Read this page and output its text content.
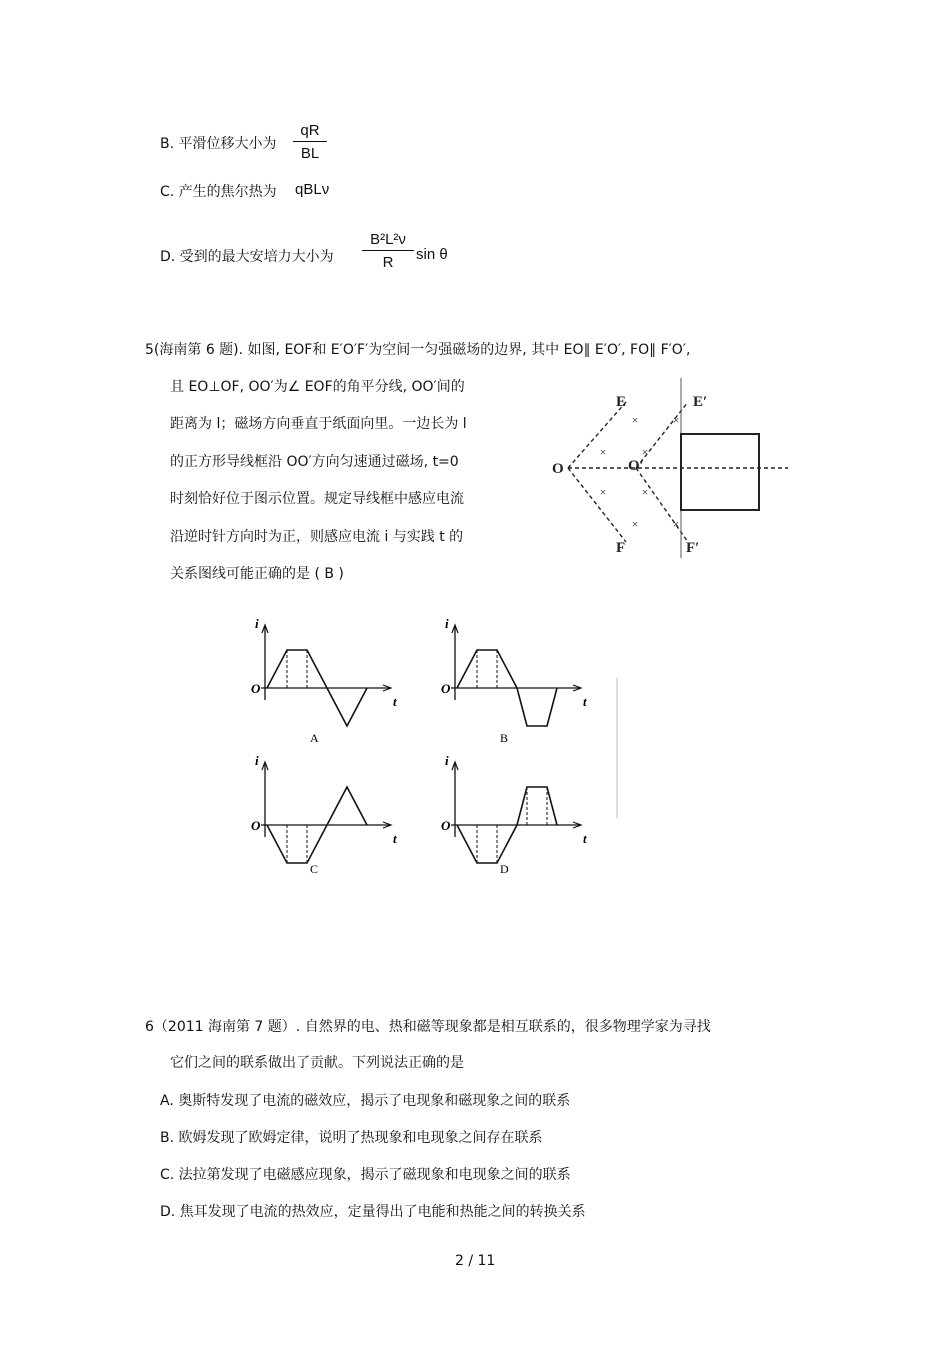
B. 平滑位移大小为
qR
BL
C. 产生的焦尔热为 qBLν
D. 受到的最大安培力大小为
B²L²ν
R	sin θ
5(海南第 6 题). 如图, EOF和 E′O′F′为空间一匀强磁场的边界, 其中 EO∥ E′O′, FO∥ F′O′,
且 EO⊥OF, OO′为∠ EOF的角平分线, OO′间的
距离为 l；磁场方向垂直于纸面向里。一边长为 l
的正方形导线框沿 OO′方向匀速通过磁场, t=0
时刻恰好位于图示位置。规定导线框中感应电流
沿逆时针方向时为正，则感应电流 i 与实践 t 的
关系图线可能正确的是 ( B )
×	×
×	×
×	×
×	×
E
F
O
E′
F′
O′
i
t
O
A
i
t
O
B
i
t
O
C
i
t
O
D
6（2011 海南第 7 题）. 自然界的电、热和磁等现象都是相互联系的，很多物理学家为寻找
它们之间的联系做出了贡献。下列说法正确的是
A. 奥斯特发现了电流的磁效应，揭示了电现象和磁现象之间的联系
B. 欧姆发现了欧姆定律，说明了热现象和电现象之间存在联系
C. 法拉第发现了电磁感应现象，揭示了磁现象和电现象之间的联系
D. 焦耳发现了电流的热效应，定量得出了电能和热能之间的转换关系
2 / 11
